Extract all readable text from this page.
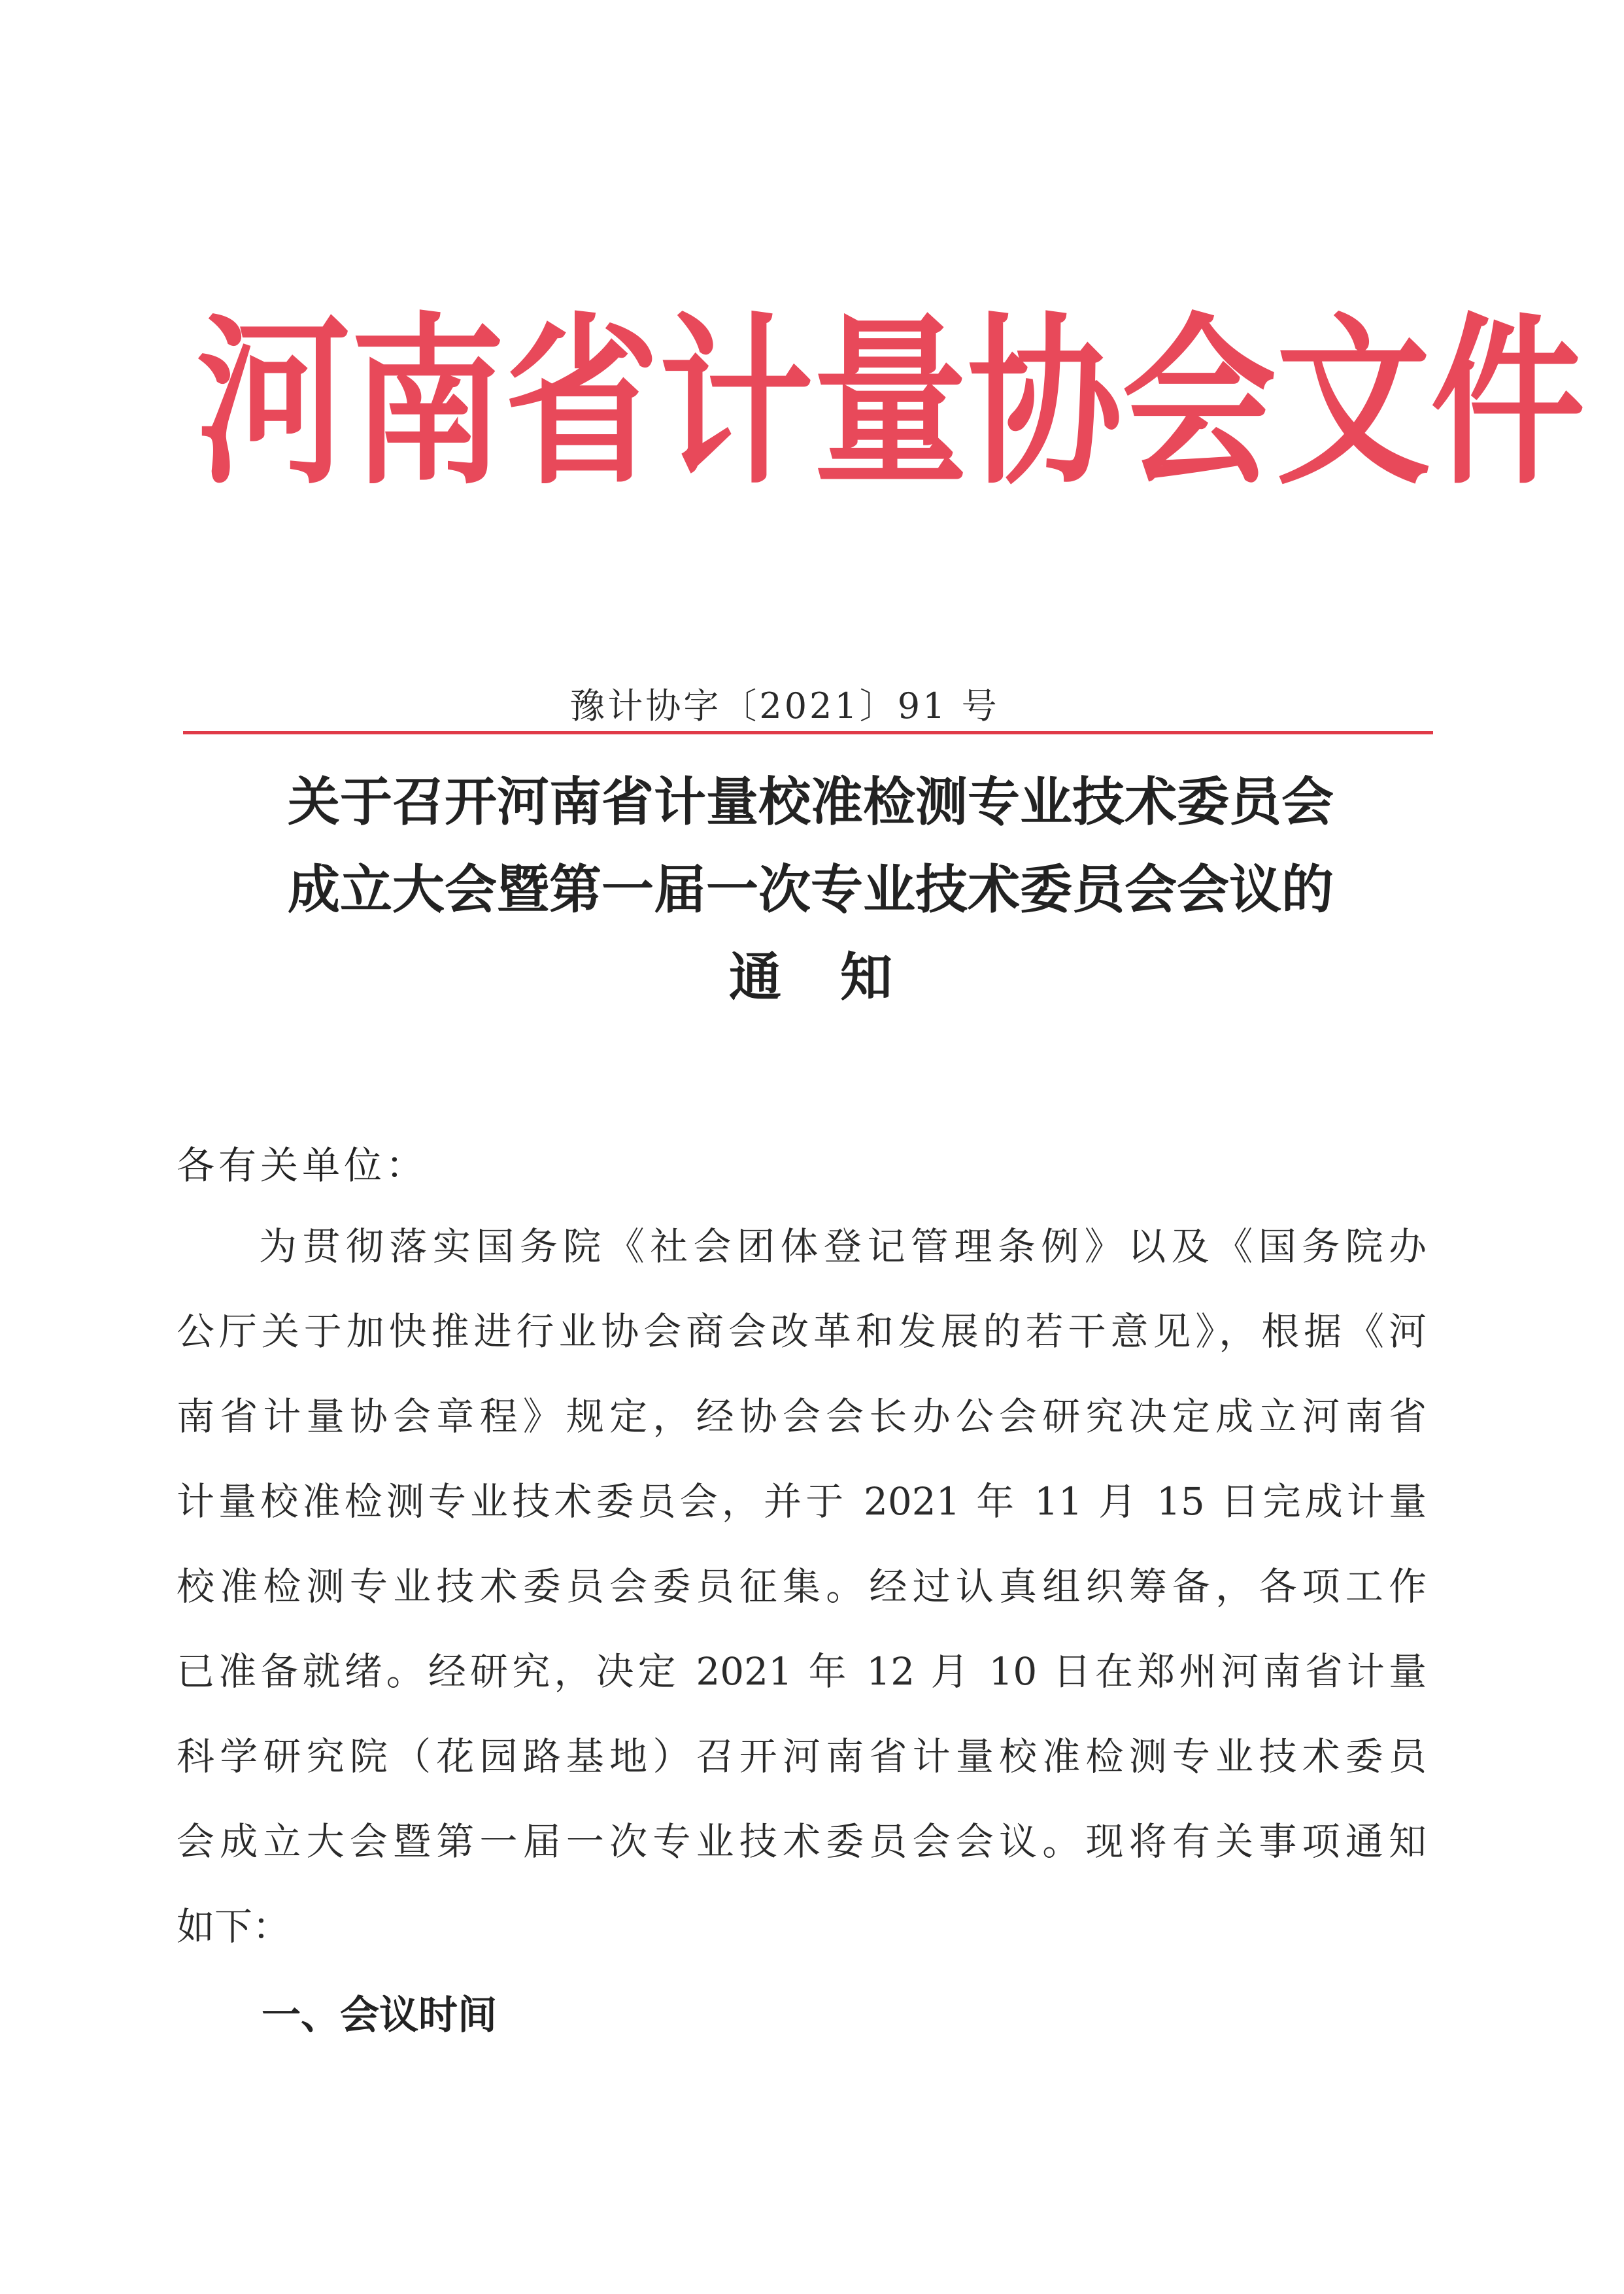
河南省计量协会文件
豫计协字〔2021〕91 号
关于召开河南省计量校准检测专业技术委员会
成立大会暨第一届一次专业技术委员会会议的
通知
各有关单位：
为贯彻落实国务院《社会团体登记管理条例》以及《国务院办
公厅关于加快推进行业协会商会改革和发展的若干意见》，根据《河
南省计量协会章程》规定，经协会会长办公会研究决定成立河南省
计量校准检测专业技术委员会，并于 2021 年 11 月 15 日完成计量
校准检测专业技术委员会委员征集。经过认真组织筹备，各项工作
已准备就绪。经研究，决定 2021 年 12 月 10 日在郑州河南省计量
科学研究院（花园路基地）召开河南省计量校准检测专业技术委员
会成立大会暨第一届一次专业技术委员会会议。现将有关事项通知
如下：
一、会议时间
